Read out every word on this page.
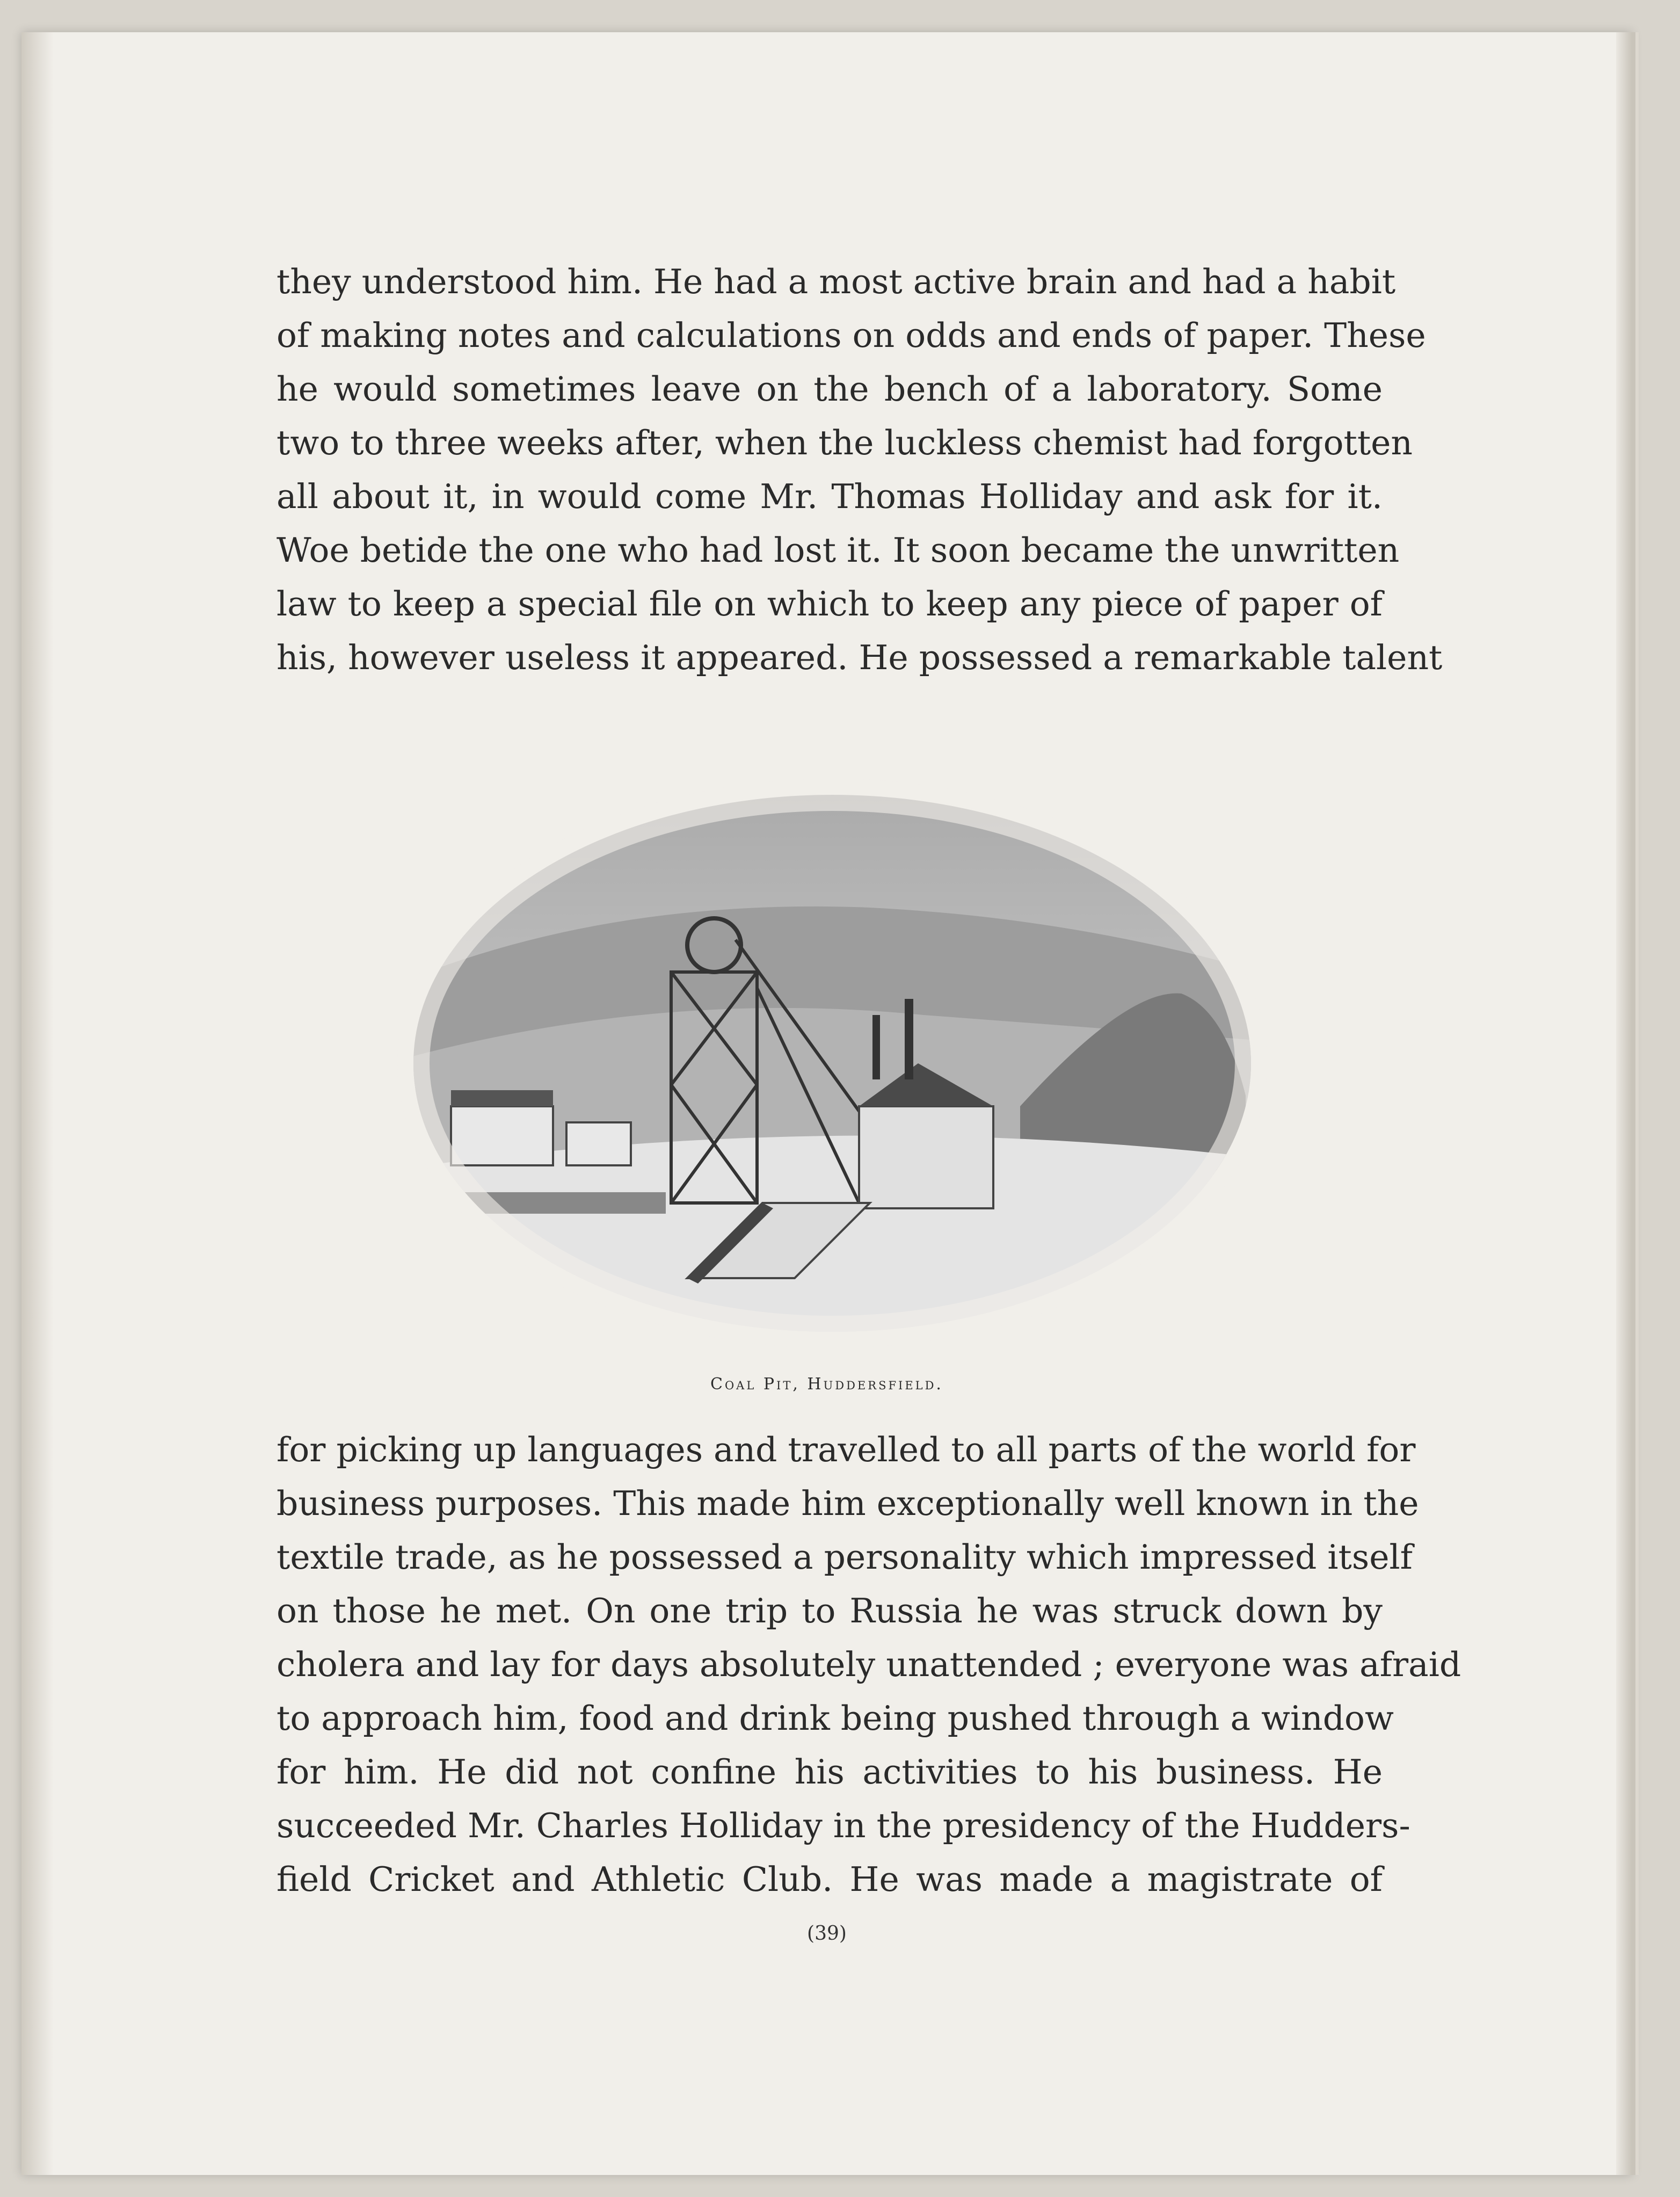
they understood him. He had a most active brain and had a habit
of making notes and calculations on odds and ends of paper. These
he would sometimes leave on the bench of a laboratory. Some
two to three weeks after, when the luckless chemist had forgotten
all about it, in would come Mr. Thomas Holliday and ask for it.
Woe betide the one who had lost it. It soon became the unwritten
law to keep a special file on which to keep any piece of paper of
his, however useless it appeared. He possessed a remarkable talent
Coal Pit, Huddersfield.
for picking up languages and travelled to all parts of the world for
business purposes. This made him exceptionally well known in the
textile trade, as he possessed a personality which impressed itself
on those he met. On one trip to Russia he was struck down by
cholera and lay for days absolutely unattended ; everyone was afraid
to approach him, food and drink being pushed through a window
for him. He did not confine his activities to his business. He
succeeded Mr. Charles Holliday in the presidency of the Hudders-
field Cricket and Athletic Club. He was made a magistrate of
(39)
